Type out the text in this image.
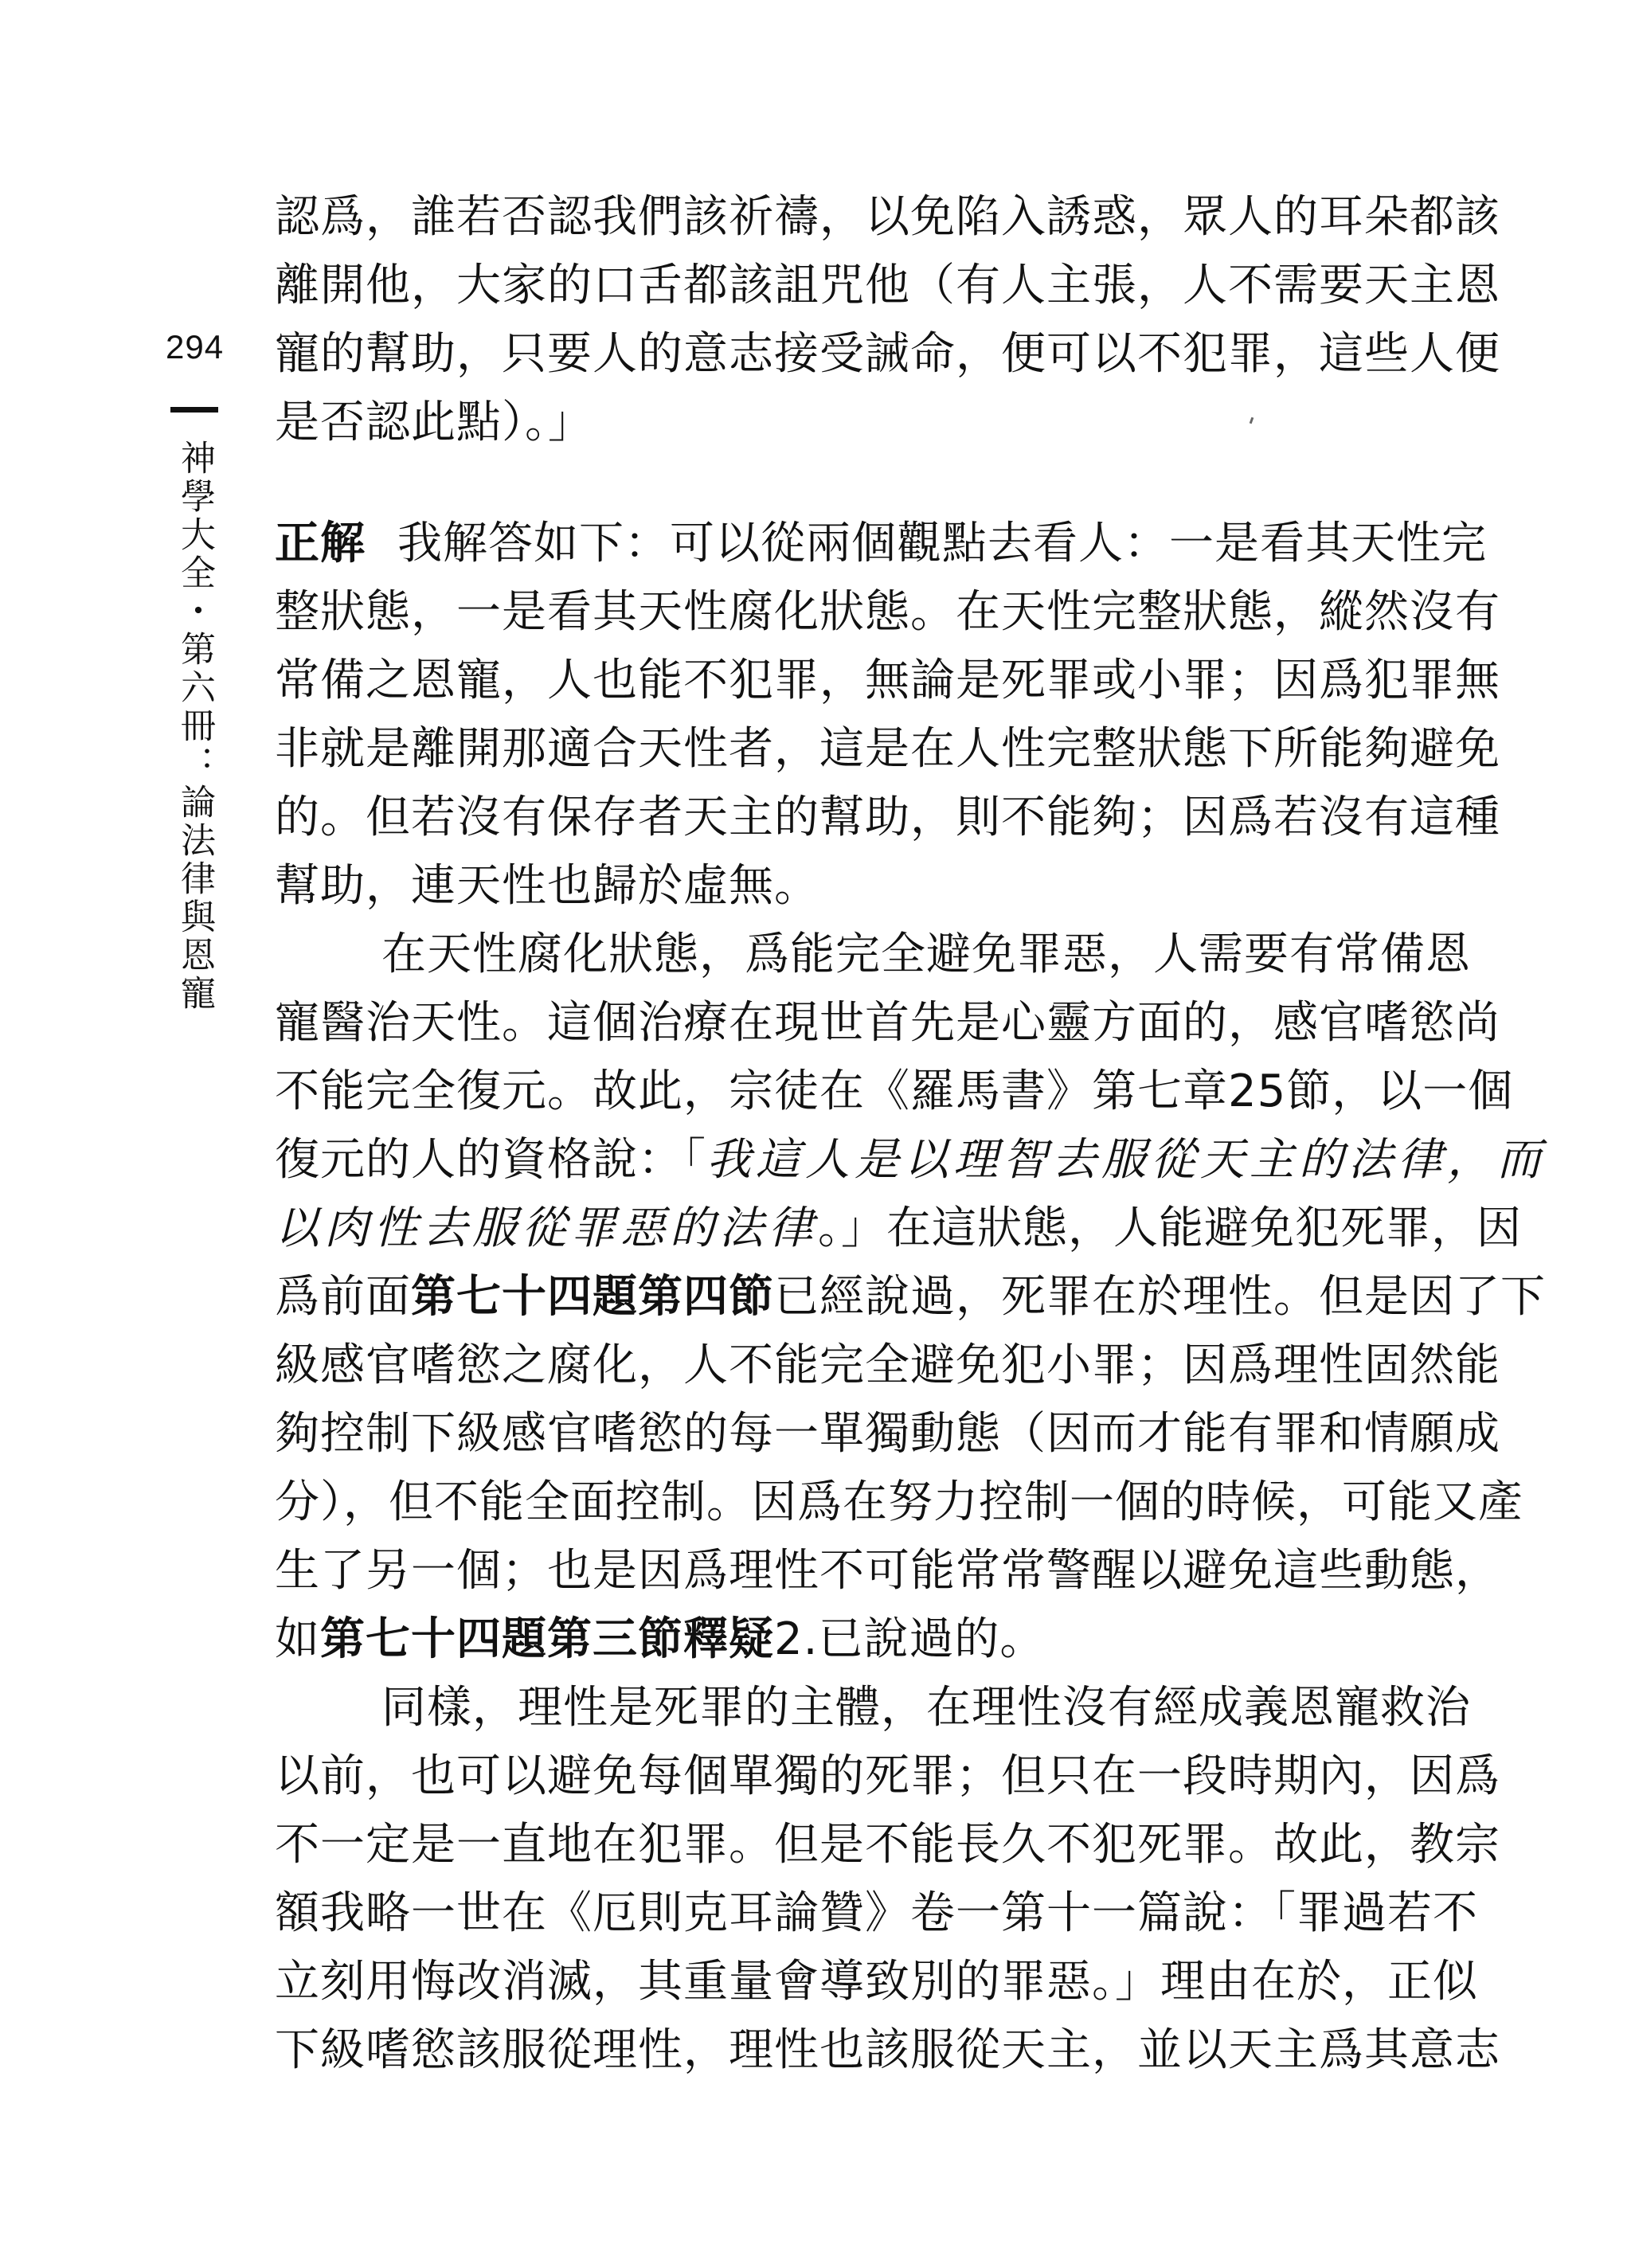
294
神學大全・第六冊：論法律與恩寵

認爲，誰若否認我們該祈禱，以免陷入誘惑，眾人的耳朵都該
離開他，大家的口舌都該詛咒他（有人主張，人不需要天主恩
寵的幫助，只要人的意志接受誡命，便可以不犯罪，這些人便
是否認此點）。」

正解 我解答如下：可以從兩個觀點去看人：一是看其天性完
整狀態，一是看其天性腐化狀態。在天性完整狀態，縱然沒有
常備之恩寵，人也能不犯罪，無論是死罪或小罪；因爲犯罪無
非就是離開那適合天性者，這是在人性完整狀態下所能夠避免
的。但若沒有保存者天主的幫助，則不能夠；因爲若沒有這種
幫助，連天性也歸於虛無。

在天性腐化狀態，爲能完全避免罪惡，人需要有常備恩
寵醫治天性。這個治療在現世首先是心靈方面的，感官嗜慾尚
不能完全復元。故此，宗徒在《羅馬書》第七章25節，以一個
復元的人的資格說：「我這人是以理智去服從天主的法律，而
以肉性去服從罪惡的法律。」在這狀態，人能避免犯死罪，因
爲前面第七十四題第四節已經說過，死罪在於理性。但是因了下
級感官嗜慾之腐化，人不能完全避免犯小罪；因爲理性固然能
夠控制下級感官嗜慾的每一單獨動態（因而才能有罪和情願成
分），但不能全面控制。因爲在努力控制一個的時候，可能又產
生了另一個；也是因爲理性不可能常常警醒以避免這些動態，
如第七十四題第三節釋疑2.已說過的。

同樣，理性是死罪的主體，在理性沒有經成義恩寵救治
以前，也可以避免每個單獨的死罪；但只在一段時期內，因爲
不一定是一直地在犯罪。但是不能長久不犯死罪。故此，教宗
額我略一世在《厄則克耳論贊》卷一第十一篇說：「罪過若不
立刻用悔改消滅，其重量會導致別的罪惡。」理由在於，正似
下級嗜慾該服從理性，理性也該服從天主，並以天主爲其意志
